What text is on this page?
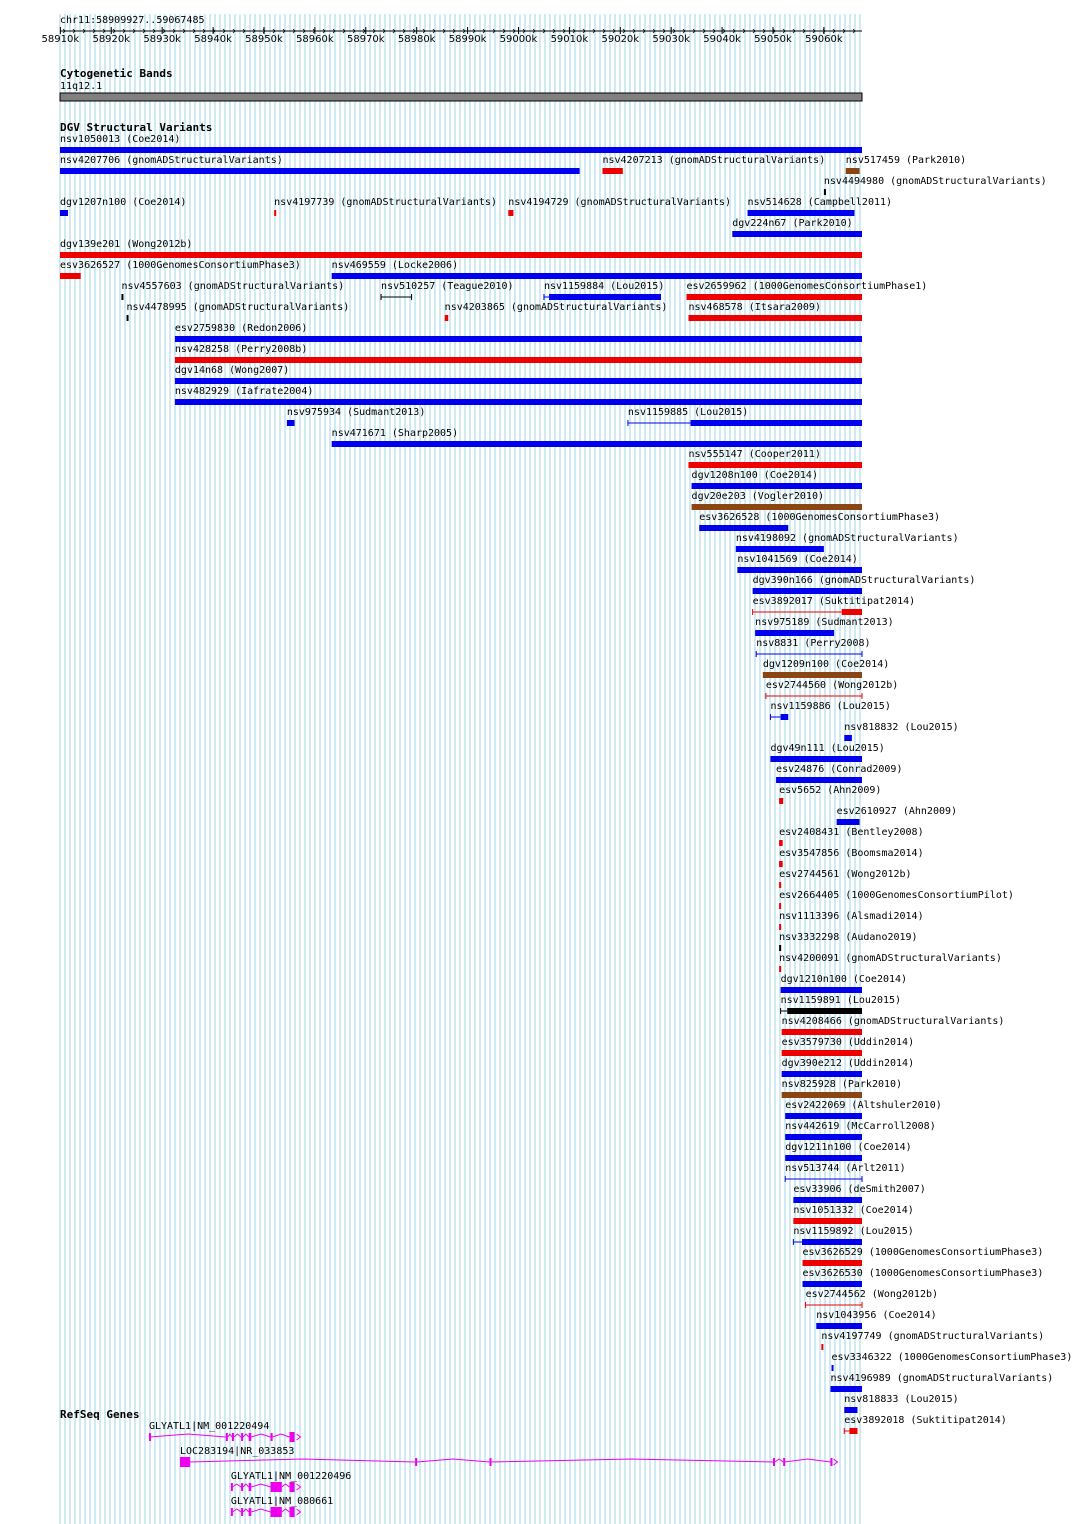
chr11:58909927..59067485
58910k 58920k 58930k 58940k 58950k 58960k 58970k 58980k 58990k 59000k 59010k 59020k 59030k 59040k 59050k 59060k
Cytogenetic Bands
11q12.1
DGV Structural Variants
nsv1050013 (Coe2014)
nsv4207706 (gnomADStructuralVariants)	nsv4207213 (gnomADStructuralVariants)
nsv4494980 (gnomADStructuralVariants)
dgv1207n100 (Coe2014)	nsv4197739 (gnomADStructuralVariants) nsv4194729 (gnomADStructuralVariants)
dgv224n67 (Park2010)
dgv139e201 (Wong2012b)
esv3626527 (1000GenomesConsortiumPhase3)	nsv469559 (Locke2006)
nsv4557603 (gnomADStructuralVariants)	nsv510257 (Teague2010)	nsv1159884 (Lou2015)
nsv514628 (Campbell2011)
nsv4478995 (gnomADStructuralVariants)	nsv4203865 (gnomADStructuralVariants)
esv2659962 (1000GenomesConsortiumPhase1)
esv2759830 (Redon2006)
nsv428258 (Perry2008b)
dgv14n68 (Wong2007)
nsv482929 (Iafrate2004)
nsv975934 (Sudmant2013)	nsv1159885 (Lou2015)
nsv471671 (Sharp2005)
nsv468578 (Itsara2009)
nsv555147 (Cooper2011)
dgv1208n100 (Coe2014)
dgv20e203 (Vogler2010)
esv3626528 (1000GenomesConsortiumPhase3)
nsv4198092 (gnomADStructuralVariants)
nsv1041569 (Coe2014)
dgv390n166 (gnomADStructuralVariants)
esv3892017 (Suktitipat2014)
nsv975189 (Sudmant2013)
nsv517459 (Park2010)
nsv8831 (Perry2008)
dgv1209n100 (Coe2014)
esv2744560 (Wong2012b)
nsv1159886 (Lou2015)
nsv818832 (Lou2015)
dgv49n111 (Lou2015)
esv24876 (Conrad2009)
esv5652 (Ahn2009)
esv2610927 (Ahn2009)
esv2408431 (Bentley2008)
esv3547856 (Boomsma2014)
esv2744561 (Wong2012b)
esv2664405 (1000GenomesConsortiumPilot)
nsv1113396 (Alsmadi2014)
nsv3332298 (Audano2019)
nsv4200091 (gnomADStructuralVariants)
dgv1210n100 (Coe2014)
nsv1159891 (Lou2015)
nsv4208466 (gnomADStructuralVariants)
esv3579730 (Uddin2014)
dgv390e212 (Uddin2014)
nsv825928 (Park2010)
esv2422069 (Altshuler2010)
nsv442619 (McCarroll2008)
dgv1211n100 (Coe2014)
nsv513744 (Arlt2011)
esv33906 (deSmith2007)
nsv1051332 (Coe2014)
nsv1159892 (Lou2015)
esv3626529 (1000GenomesConsortiumPhase3)
esv3626530 (1000GenomesConsortiumPhase3)
esv2744562 (Wong2012b)
nsv1043956 (Coe2014)
nsv4197749 (gnomADStructuralVariants)
esv3346322 (1000GenomesConsortiumPhase3)
nsv4196989 (gnomADStructuralVariants)
nsv818833 (Lou2015)
esv3892018 (Suktitipat2014)
RefSeq Genes
GLYATL1|NM_001220494
LOC283194|NR_033853
GLYATL1|NM_001220496
GLYATL1|NM_080661
